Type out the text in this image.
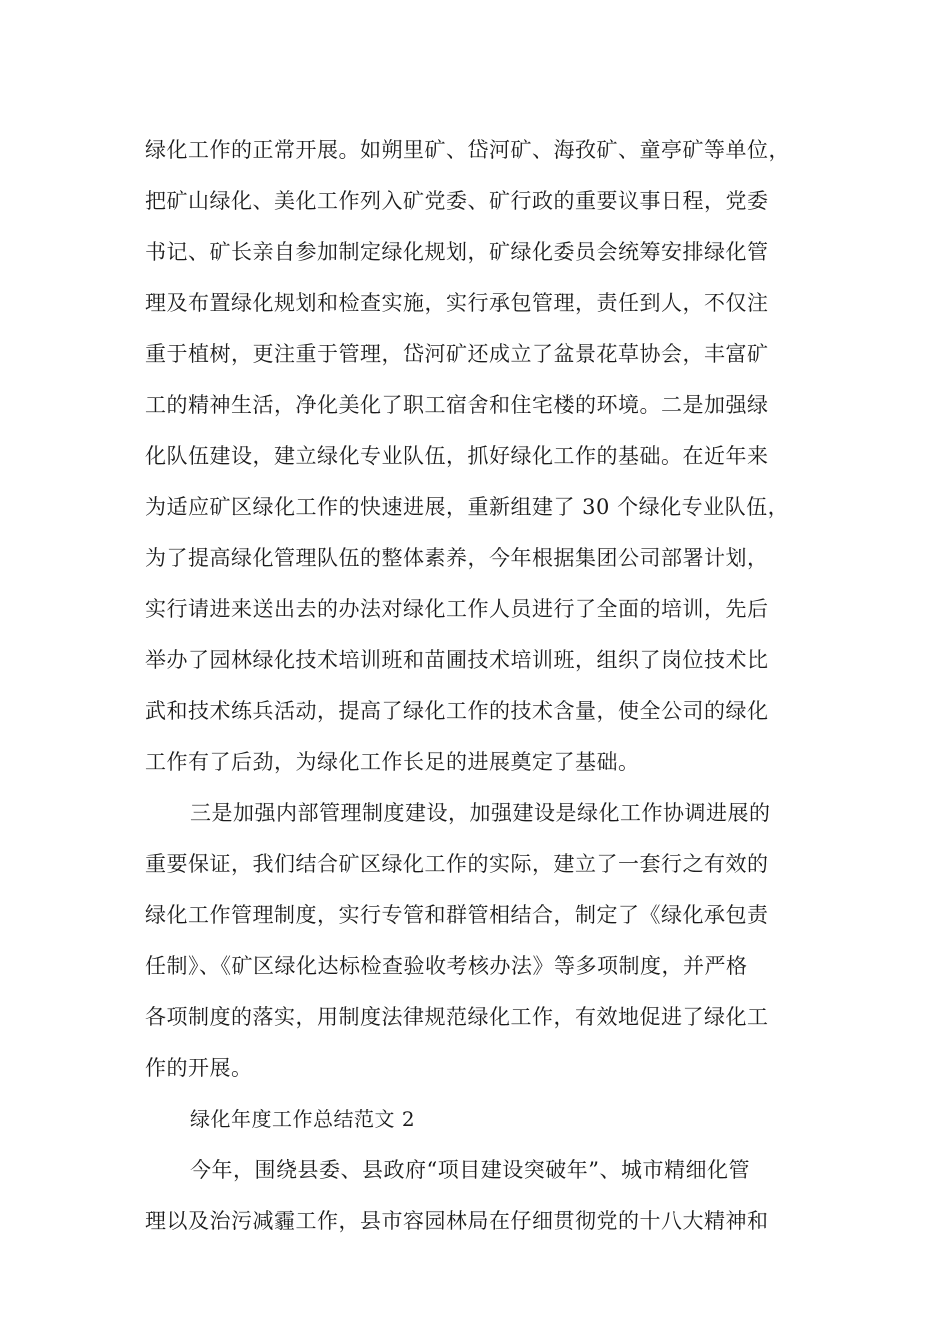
绿化工作的正常开展。如朔里矿、岱河矿、海孜矿、童亭矿等单位，
把矿山绿化、美化工作列入矿党委、矿行政的重要议事日程，党委
书记、矿长亲自参加制定绿化规划，矿绿化委员会统筹安排绿化管
理及布置绿化规划和检查实施，实行承包管理，责任到人，不仅注
重于植树，更注重于管理，岱河矿还成立了盆景花草协会，丰富矿
工的精神生活，净化美化了职工宿舍和住宅楼的环境。二是加强绿
化队伍建设，建立绿化专业队伍，抓好绿化工作的基础。在近年来
为适应矿区绿化工作的快速进展，重新组建了 30 个绿化专业队伍，
为了提高绿化管理队伍的整体素养，今年根据集团公司部署计划，
实行请进来送出去的办法对绿化工作人员进行了全面的培训，先后
举办了园林绿化技术培训班和苗圃技术培训班，组织了岗位技术比
武和技术练兵活动，提高了绿化工作的技术含量，使全公司的绿化
工作有了后劲，为绿化工作长足的进展奠定了基础。
三是加强内部管理制度建设，加强建设是绿化工作协调进展的
重要保证，我们结合矿区绿化工作的实际，建立了一套行之有效的
绿化工作管理制度，实行专管和群管相结合，制定了《绿化承包责
任制》、《矿区绿化达标检查验收考核办法》等多项制度，并严格
各项制度的落实，用制度法律规范绿化工作，有效地促进了绿化工
作的开展。
绿化年度工作总结范文 2
今年，围绕县委、县政府“项目建设突破年”、城市精细化管
理以及治污减霾工作，县市容园林局在仔细贯彻党的十八大精神和
